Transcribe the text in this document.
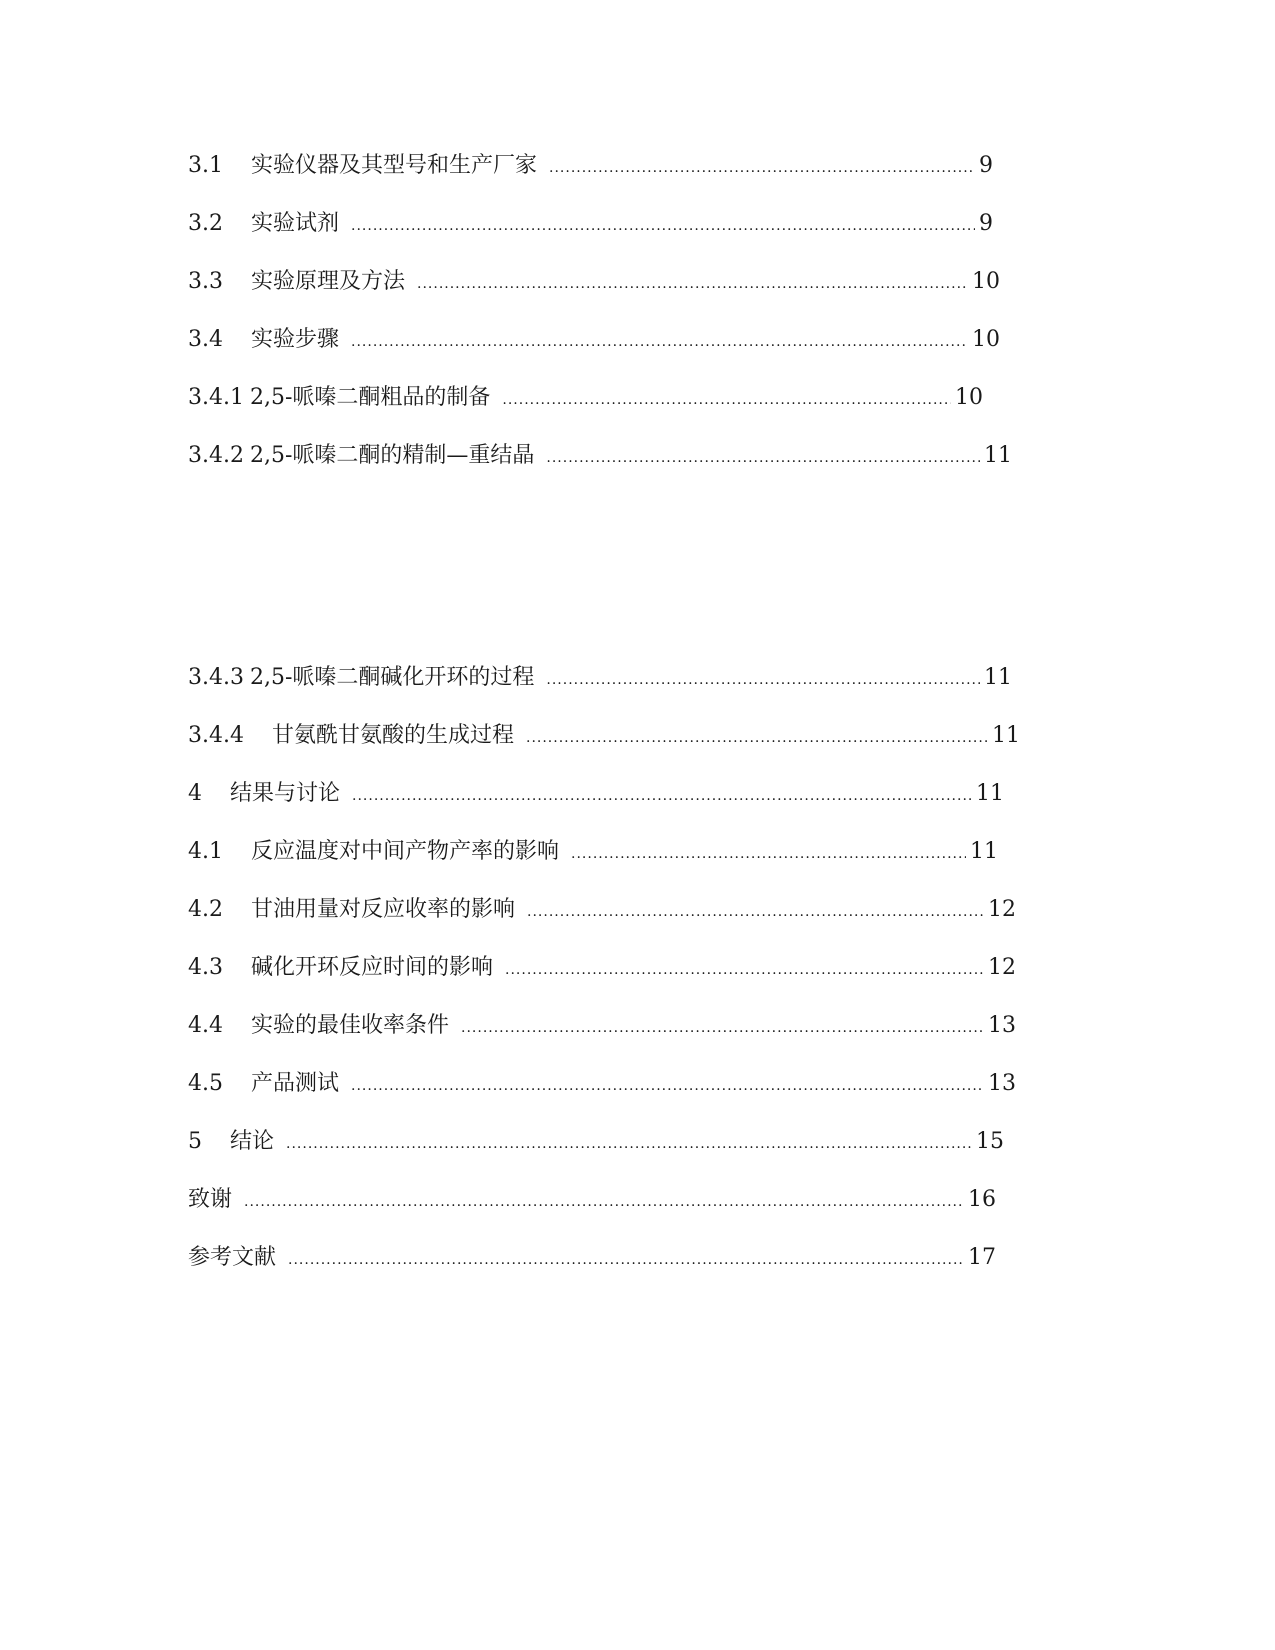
3.1 实验仪器及其型号和生产厂家 .....	9
3.2 实验试剂 .....	9
3.3 实验原理及方法 .....	10
3.4 实验步骤 .....	10
3.4.1 2,5-哌嗪二酮粗品的制备 .....	10
3.4.2 2,5-哌嗪二酮的精制—重结晶 .....	11
3.4.3 2,5-哌嗪二酮碱化开环的过程 .....	11
3.4.4 甘氨酰甘氨酸的生成过程 .....	11
4 结果与讨论 .....	11
4.1 反应温度对中间产物产率的影响 .....	11
4.2 甘油用量对反应收率的影响 .....	12
4.3 碱化开环反应时间的影响 .....	12
4.4 实验的最佳收率条件 .....	13
4.5 产品测试 .....	13
5 结论 .....	15
致谢 .....	16
参考文献 .....	17
